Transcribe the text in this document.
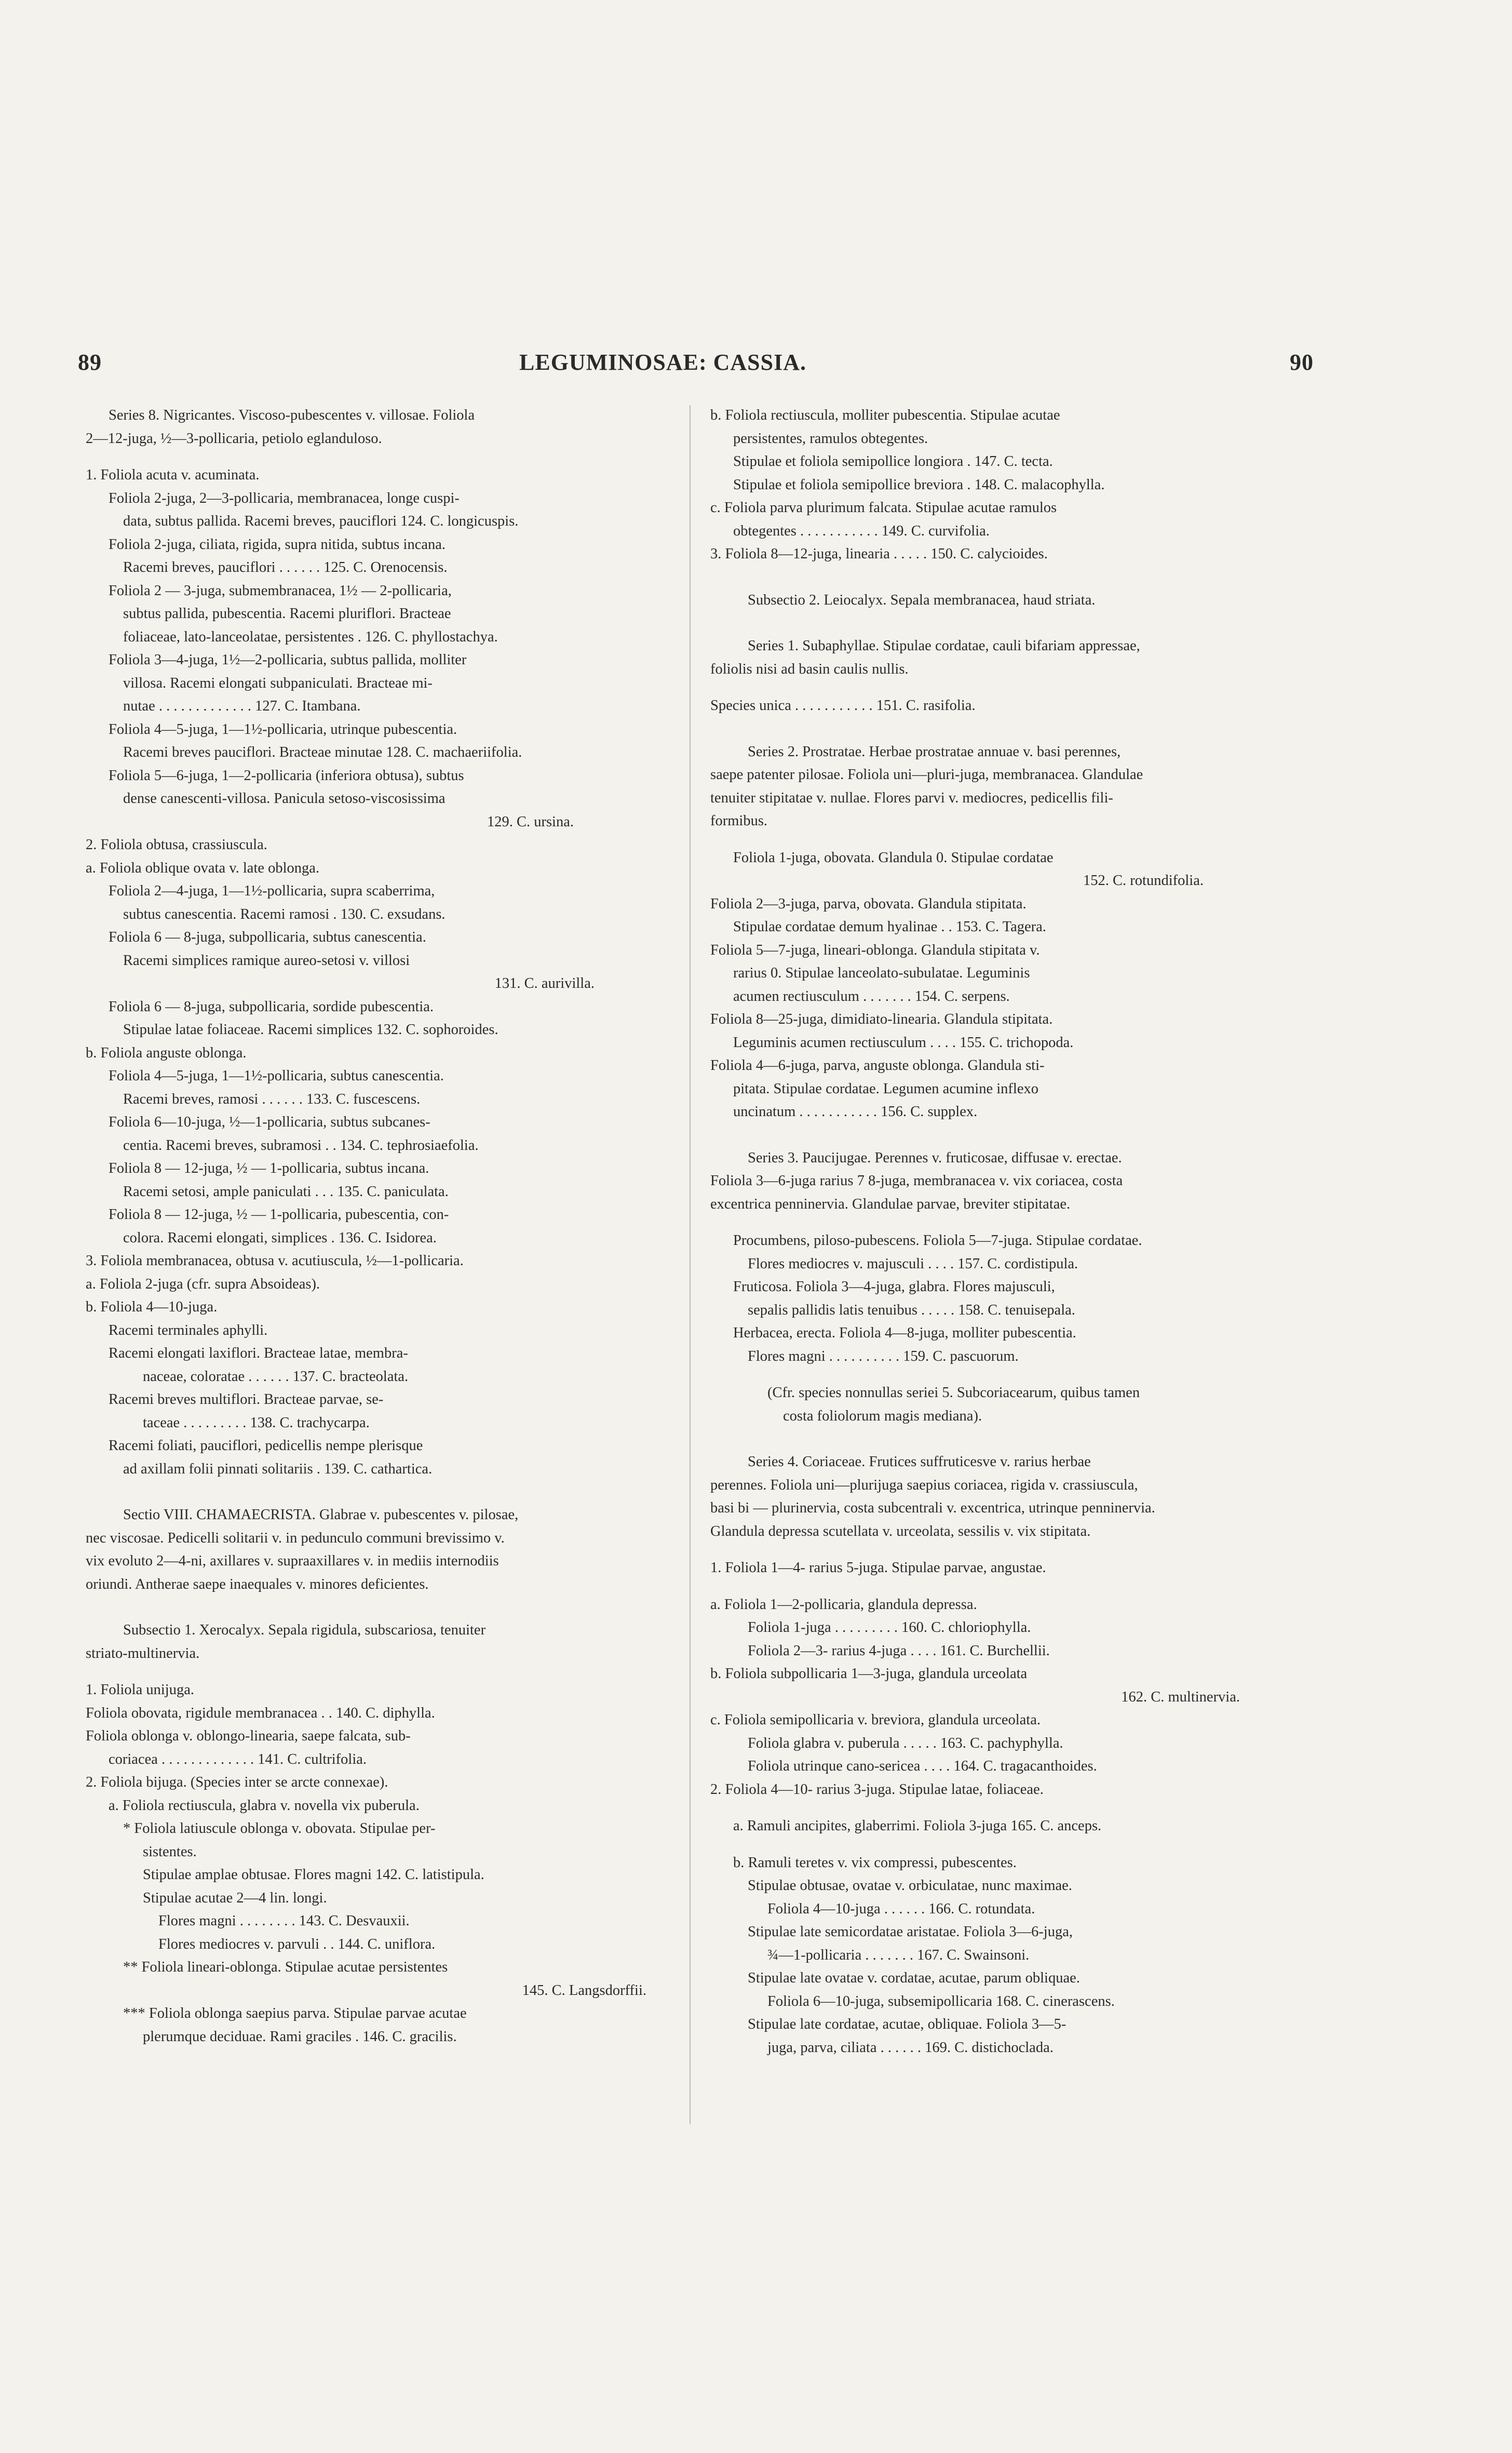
89	LEGUMINOSAE: CASSIA.	90

Series 8. Nigricantes. Viscoso-pubescentes v. villosae. Foliola

2—12-juga, ½—3-pollicaria, petiolo eglanduloso.

1. Foliola acuta v. acuminata.

Foliola 2-juga, 2—3-pollicaria, membranacea, longe cuspi-

data, subtus pallida. Racemi breves, pauciflori 124. C. longicuspis.

Foliola 2-juga, ciliata, rigida, supra nitida, subtus incana.

Racemi breves, pauciflori . . . . . . 125. C. Orenocensis.

Foliola 2 — 3-juga, submembranacea, 1½ — 2-pollicaria,

subtus pallida, pubescentia. Racemi pluriflori. Bracteae

foliaceae, lato-lanceolatae, persistentes . 126. C. phyllostachya.

Foliola 3—4-juga, 1½—2-pollicaria, subtus pallida, molliter

villosa. Racemi elongati subpaniculati. Bracteae mi-

nutae . . . . . . . . . . . . . 127. C. Itambana.

Foliola 4—5-juga, 1—1½-pollicaria, utrinque pubescentia.

Racemi breves pauciflori. Bracteae minutae 128. C. machaeriifolia.

Foliola 5—6-juga, 1—2-pollicaria (inferiora obtusa), subtus

dense canescenti-villosa. Panicula setoso-viscosissima

129. C. ursina.

2. Foliola obtusa, crassiuscula.

a. Foliola oblique ovata v. late oblonga.

Foliola 2—4-juga, 1—1½-pollicaria, supra scaberrima,

subtus canescentia. Racemi ramosi . 130. C. exsudans.

Foliola 6 — 8-juga, subpollicaria, subtus canescentia.

Racemi simplices ramique aureo-setosi v. villosi

131. C. aurivilla.

Foliola 6 — 8-juga, subpollicaria, sordide pubescentia.

Stipulae latae foliaceae. Racemi simplices 132. C. sophoroides.

b. Foliola anguste oblonga.

Foliola 4—5-juga, 1—1½-pollicaria, subtus canescentia.

Racemi breves, ramosi . . . . . . 133. C. fuscescens.

Foliola 6—10-juga, ½—1-pollicaria, subtus subcanes-

centia. Racemi breves, subramosi . . 134. C. tephrosiaefolia.

Foliola 8 — 12-juga, ½ — 1-pollicaria, subtus incana.

Racemi setosi, ample paniculati . . . 135. C. paniculata.

Foliola 8 — 12-juga, ½ — 1-pollicaria, pubescentia, con-

colora. Racemi elongati, simplices . 136. C. Isidorea.

3. Foliola membranacea, obtusa v. acutiuscula, ½—1-pollicaria.

a. Foliola 2-juga (cfr. supra Absoideas).

b. Foliola 4—10-juga.

Racemi terminales aphylli.

Racemi elongati laxiflori. Bracteae latae, membra-

naceae, coloratae . . . . . . 137. C. bracteolata.

Racemi breves multiflori. Bracteae parvae, se-

taceae . . . . . . . . . 138. C. trachycarpa.

Racemi foliati, pauciflori, pedicellis nempe plerisque

ad axillam folii pinnati solitariis . 139. C. cathartica.

Sectio VIII. CHAMAECRISTA. Glabrae v. pubescentes v. pilosae,

nec viscosae. Pedicelli solitarii v. in pedunculo communi brevissimo v.

vix evoluto 2—4-ni, axillares v. supraaxillares v. in mediis internodiis

oriundi. Antherae saepe inaequales v. minores deficientes.

Subsectio 1. Xerocalyx. Sepala rigidula, subscariosa, tenuiter

striato-multinervia.

1. Foliola unijuga.

Foliola obovata, rigidule membranacea . . 140. C. diphylla.

Foliola oblonga v. oblongo-linearia, saepe falcata, sub-

coriacea . . . . . . . . . . . . . 141. C. cultrifolia.

2. Foliola bijuga. (Species inter se arcte connexae).

a. Foliola rectiuscula, glabra v. novella vix puberula.

* Foliola latiuscule oblonga v. obovata. Stipulae per-

sistentes.

Stipulae amplae obtusae. Flores magni 142. C. latistipula.

Stipulae acutae 2—4 lin. longi.

Flores magni . . . . . . . . 143. C. Desvauxii.

Flores mediocres v. parvuli . . 144. C. uniflora.

** Foliola lineari-oblonga. Stipulae acutae persistentes

145. C. Langsdorffii.

*** Foliola oblonga saepius parva. Stipulae parvae acutae

plerumque deciduae. Rami graciles . 146. C. gracilis.

b. Foliola rectiuscula, molliter pubescentia. Stipulae acutae

persistentes, ramulos obtegentes.

Stipulae et foliola semipollice longiora . 147. C. tecta.

Stipulae et foliola semipollice breviora . 148. C. malacophylla.

c. Foliola parva plurimum falcata. Stipulae acutae ramulos

obtegentes . . . . . . . . . . . 149. C. curvifolia.

3. Foliola 8—12-juga, linearia . . . . . 150. C. calycioides.

Subsectio 2. Leiocalyx. Sepala membranacea, haud striata.

Series 1. Subaphyllae. Stipulae cordatae, cauli bifariam appressae,

foliolis nisi ad basin caulis nullis.

Species unica . . . . . . . . . . . 151. C. rasifolia.

Series 2. Prostratae. Herbae prostratae annuae v. basi perennes,

saepe patenter pilosae. Foliola uni—pluri-juga, membranacea. Glandulae

tenuiter stipitatae v. nullae. Flores parvi v. mediocres, pedicellis fili-

formibus.

Foliola 1-juga, obovata. Glandula 0. Stipulae cordatae

152. C. rotundifolia.

Foliola 2—3-juga, parva, obovata. Glandula stipitata.

Stipulae cordatae demum hyalinae . . 153. C. Tagera.

Foliola 5—7-juga, lineari-oblonga. Glandula stipitata v.

rarius 0. Stipulae lanceolato-subulatae. Leguminis

acumen rectiusculum . . . . . . . 154. C. serpens.

Foliola 8—25-juga, dimidiato-linearia. Glandula stipitata.

Leguminis acumen rectiusculum . . . . 155. C. trichopoda.

Foliola 4—6-juga, parva, anguste oblonga. Glandula sti-

pitata. Stipulae cordatae. Legumen acumine inflexo

uncinatum . . . . . . . . . . . 156. C. supplex.

Series 3. Paucijugae. Perennes v. fruticosae, diffusae v. erectae.

Foliola 3—6-juga rarius 7 8-juga, membranacea v. vix coriacea, costa

excentrica penninervia. Glandulae parvae, breviter stipitatae.

Procumbens, piloso-pubescens. Foliola 5—7-juga. Stipulae cordatae.

Flores mediocres v. majusculi . . . . 157. C. cordistipula.

Fruticosa. Foliola 3—4-juga, glabra. Flores majusculi,

sepalis pallidis latis tenuibus . . . . . 158. C. tenuisepala.

Herbacea, erecta. Foliola 4—8-juga, molliter pubescentia.

Flores magni . . . . . . . . . . 159. C. pascuorum.

(Cfr. species nonnullas seriei 5. Subcoriacearum, quibus tamen

costa foliolorum magis mediana).

Series 4. Coriaceae. Frutices suffruticesve v. rarius herbae

perennes. Foliola uni—plurijuga saepius coriacea, rigida v. crassiuscula,

basi bi — plurinervia, costa subcentrali v. excentrica, utrinque penninervia.

Glandula depressa scutellata v. urceolata, sessilis v. vix stipitata.

1. Foliola 1—4- rarius 5-juga. Stipulae parvae, angustae.

a. Foliola 1—2-pollicaria, glandula depressa.

Foliola 1-juga . . . . . . . . . 160. C. chloriophylla.

Foliola 2—3- rarius 4-juga . . . . 161. C. Burchellii.

b. Foliola subpollicaria 1—3-juga, glandula urceolata

162. C. multinervia.

c. Foliola semipollicaria v. breviora, glandula urceolata.

Foliola glabra v. puberula . . . . . 163. C. pachyphylla.

Foliola utrinque cano-sericea . . . . 164. C. tragacanthoides.

2. Foliola 4—10- rarius 3-juga. Stipulae latae, foliaceae.

a. Ramuli ancipites, glaberrimi. Foliola 3-juga 165. C. anceps.

b. Ramuli teretes v. vix compressi, pubescentes.

Stipulae obtusae, ovatae v. orbiculatae, nunc maximae.

Foliola 4—10-juga . . . . . . 166. C. rotundata.

Stipulae late semicordatae aristatae. Foliola 3—6-juga,

¾—1-pollicaria . . . . . . . 167. C. Swainsoni.

Stipulae late ovatae v. cordatae, acutae, parum obliquae.

Foliola 6—10-juga, subsemipollicaria 168. C. cinerascens.

Stipulae late cordatae, acutae, obliquae. Foliola 3—5-

juga, parva, ciliata . . . . . . 169. C. distichoclada.
